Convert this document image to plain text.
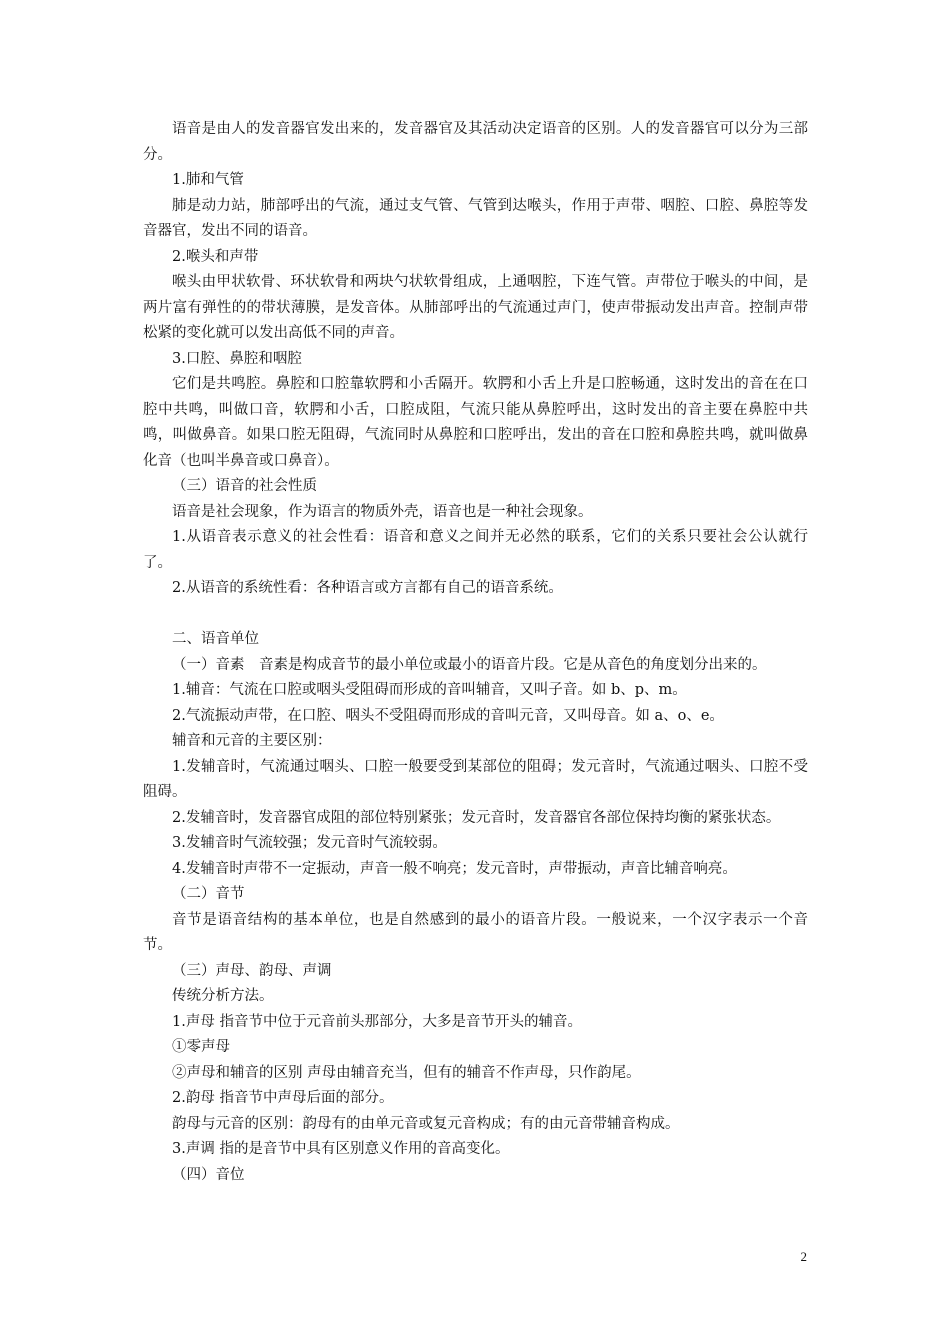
语音是由人的发音器官发出来的，发音器官及其活动决定语音的区别。人的发音器官可以分为三部分。

1.肺和气管

肺是动力站，肺部呼出的气流，通过支气管、气管到达喉头，作用于声带、咽腔、口腔、鼻腔等发音器官，发出不同的语音。

2.喉头和声带

喉头由甲状软骨、环状软骨和两块勺状软骨组成，上通咽腔，下连气管。声带位于喉头的中间，是两片富有弹性的的带状薄膜，是发音体。从肺部呼出的气流通过声门，使声带振动发出声音。控制声带松紧的变化就可以发出高低不同的声音。

3.口腔、鼻腔和咽腔

它们是共鸣腔。鼻腔和口腔靠软腭和小舌隔开。软腭和小舌上升是口腔畅通，这时发出的音在在口腔中共鸣，叫做口音，软腭和小舌，口腔成阻，气流只能从鼻腔呼出，这时发出的音主要在鼻腔中共鸣，叫做鼻音。如果口腔无阻碍，气流同时从鼻腔和口腔呼出，发出的音在口腔和鼻腔共鸣，就叫做鼻化音（也叫半鼻音或口鼻音）。

（三）语音的社会性质

语音是社会现象，作为语言的物质外壳，语音也是一种社会现象。

1.从语音表示意义的社会性看：语音和意义之间并无必然的联系，它们的关系只要社会公认就行了。

2.从语音的系统性看：各种语言或方言都有自己的语音系统。

二、语音单位

（一）音素　音素是构成音节的最小单位或最小的语音片段。它是从音色的角度划分出来的。

1.辅音：气流在口腔或咽头受阻碍而形成的音叫辅音，又叫子音。如 b、p、m。

2.气流振动声带，在口腔、咽头不受阻碍而形成的音叫元音，又叫母音。如 a、o、e。

辅音和元音的主要区别：

1.发辅音时，气流通过咽头、口腔一般要受到某部位的阻碍；发元音时，气流通过咽头、口腔不受阻碍。

2.发辅音时，发音器官成阻的部位特别紧张；发元音时，发音器官各部位保持均衡的紧张状态。

3.发辅音时气流较强；发元音时气流较弱。

4.发辅音时声带不一定振动，声音一般不响亮；发元音时，声带振动，声音比辅音响亮。

（二）音节

音节是语音结构的基本单位，也是自然感到的最小的语音片段。一般说来，一个汉字表示一个音节。

（三）声母、韵母、声调

传统分析方法。

1.声母 指音节中位于元音前头那部分，大多是音节开头的辅音。

①零声母

②声母和辅音的区别 声母由辅音充当，但有的辅音不作声母，只作韵尾。

2.韵母 指音节中声母后面的部分。

韵母与元音的区别：韵母有的由单元音或复元音构成；有的由元音带辅音构成。

3.声调 指的是音节中具有区别意义作用的音高变化。

（四）音位

2
